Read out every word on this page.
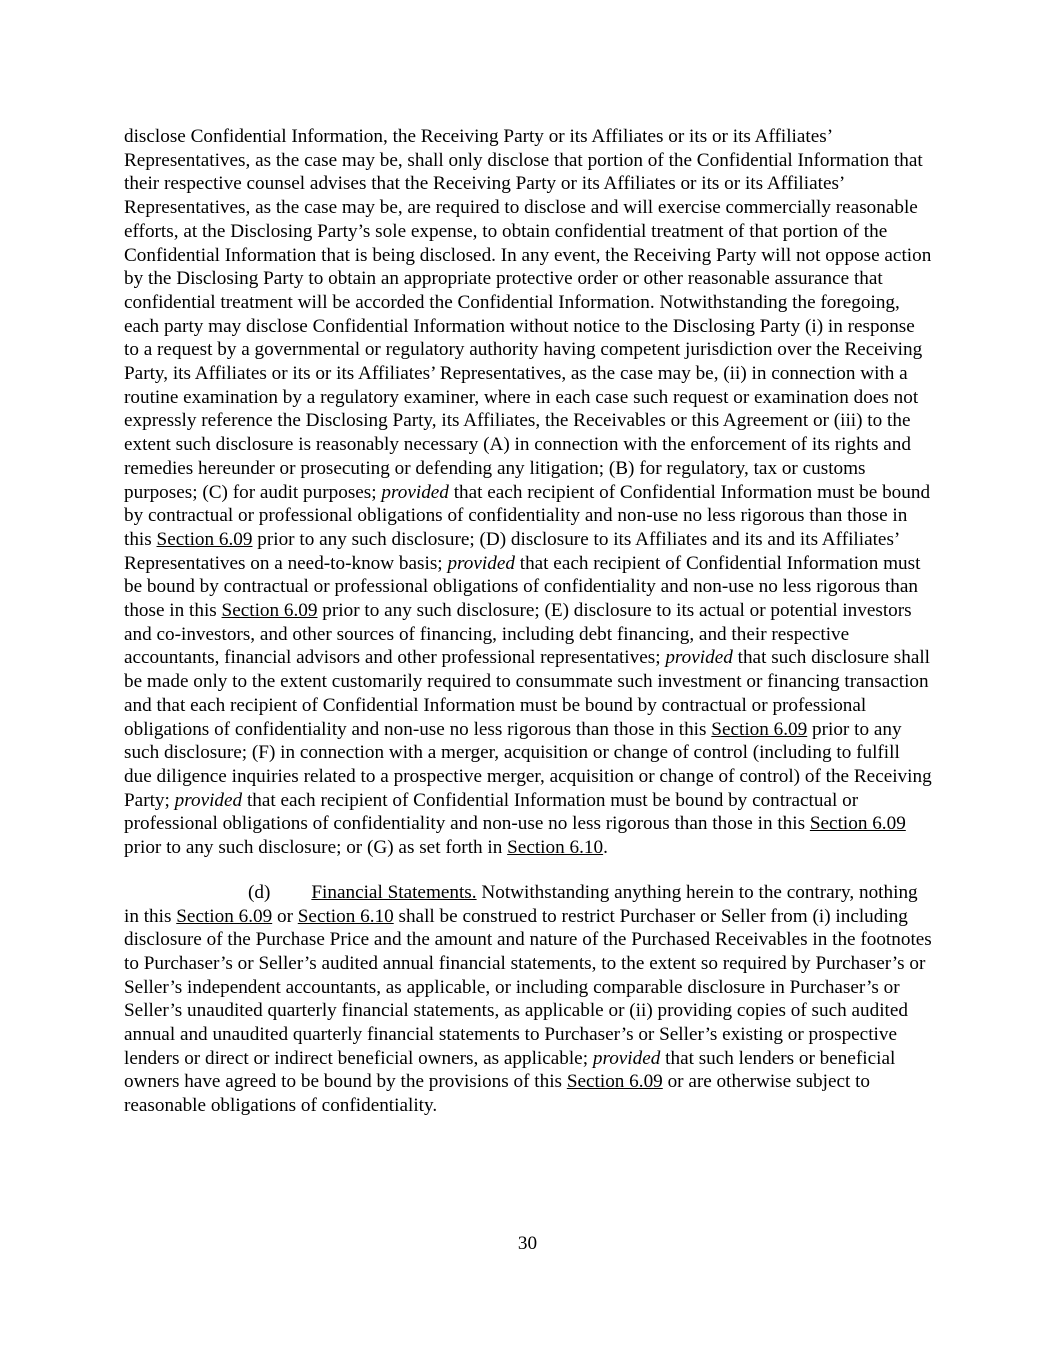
disclose Confidential Information, the Receiving Party or its Affiliates or its or its Affiliates’ Representatives, as the case may be, shall only disclose that portion of the Confidential Information that their respective counsel advises that the Receiving Party or its Affiliates or its or its Affiliates’ Representatives, as the case may be, are required to disclose and will exercise commercially reasonable efforts, at the Disclosing Party’s sole expense, to obtain confidential treatment of that portion of the Confidential Information that is being disclosed. In any event, the Receiving Party will not oppose action by the Disclosing Party to obtain an appropriate protective order or other reasonable assurance that confidential treatment will be accorded the Confidential Information. Notwithstanding the foregoing, each party may disclose Confidential Information without notice to the Disclosing Party (i) in response to a request by a governmental or regulatory authority having competent jurisdiction over the Receiving Party, its Affiliates or its or its Affiliates’ Representatives, as the case may be, (ii) in connection with a routine examination by a regulatory examiner, where in each case such request or examination does not expressly reference the Disclosing Party, its Affiliates, the Receivables or this Agreement or (iii) to the extent such disclosure is reasonably necessary (A) in connection with the enforcement of its rights and remedies hereunder or prosecuting or defending any litigation; (B) for regulatory, tax or customs purposes; (C) for audit purposes; provided that each recipient of Confidential Information must be bound by contractual or professional obligations of confidentiality and non-use no less rigorous than those in this Section 6.09 prior to any such disclosure; (D) disclosure to its Affiliates and its and its Affiliates’ Representatives on a need-to-know basis; provided that each recipient of Confidential Information must be bound by contractual or professional obligations of confidentiality and non-use no less rigorous than those in this Section 6.09 prior to any such disclosure; (E) disclosure to its actual or potential investors and co-investors, and other sources of financing, including debt financing, and their respective accountants, financial advisors and other professional representatives; provided that such disclosure shall be made only to the extent customarily required to consummate such investment or financing transaction and that each recipient of Confidential Information must be bound by contractual or professional obligations of confidentiality and non-use no less rigorous than those in this Section 6.09 prior to any such disclosure; (F) in connection with a merger, acquisition or change of control (including to fulfill due diligence inquiries related to a prospective merger, acquisition or change of control) of the Receiving Party; provided that each recipient of Confidential Information must be bound by contractual or professional obligations of confidentiality and non-use no less rigorous than those in this Section 6.09 prior to any such disclosure; or (G) as set forth in Section 6.10.

(d) Financial Statements. Notwithstanding anything herein to the contrary, nothing in this Section 6.09 or Section 6.10 shall be construed to restrict Purchaser or Seller from (i) including disclosure of the Purchase Price and the amount and nature of the Purchased Receivables in the footnotes to Purchaser’s or Seller’s audited annual financial statements, to the extent so required by Purchaser’s or Seller’s independent accountants, as applicable, or including comparable disclosure in Purchaser’s or Seller’s unaudited quarterly financial statements, as applicable or (ii) providing copies of such audited annual and unaudited quarterly financial statements to Purchaser’s or Seller’s existing or prospective lenders or direct or indirect beneficial owners, as applicable; provided that such lenders or beneficial owners have agreed to be bound by the provisions of this Section 6.09 or are otherwise subject to reasonable obligations of confidentiality.

30
